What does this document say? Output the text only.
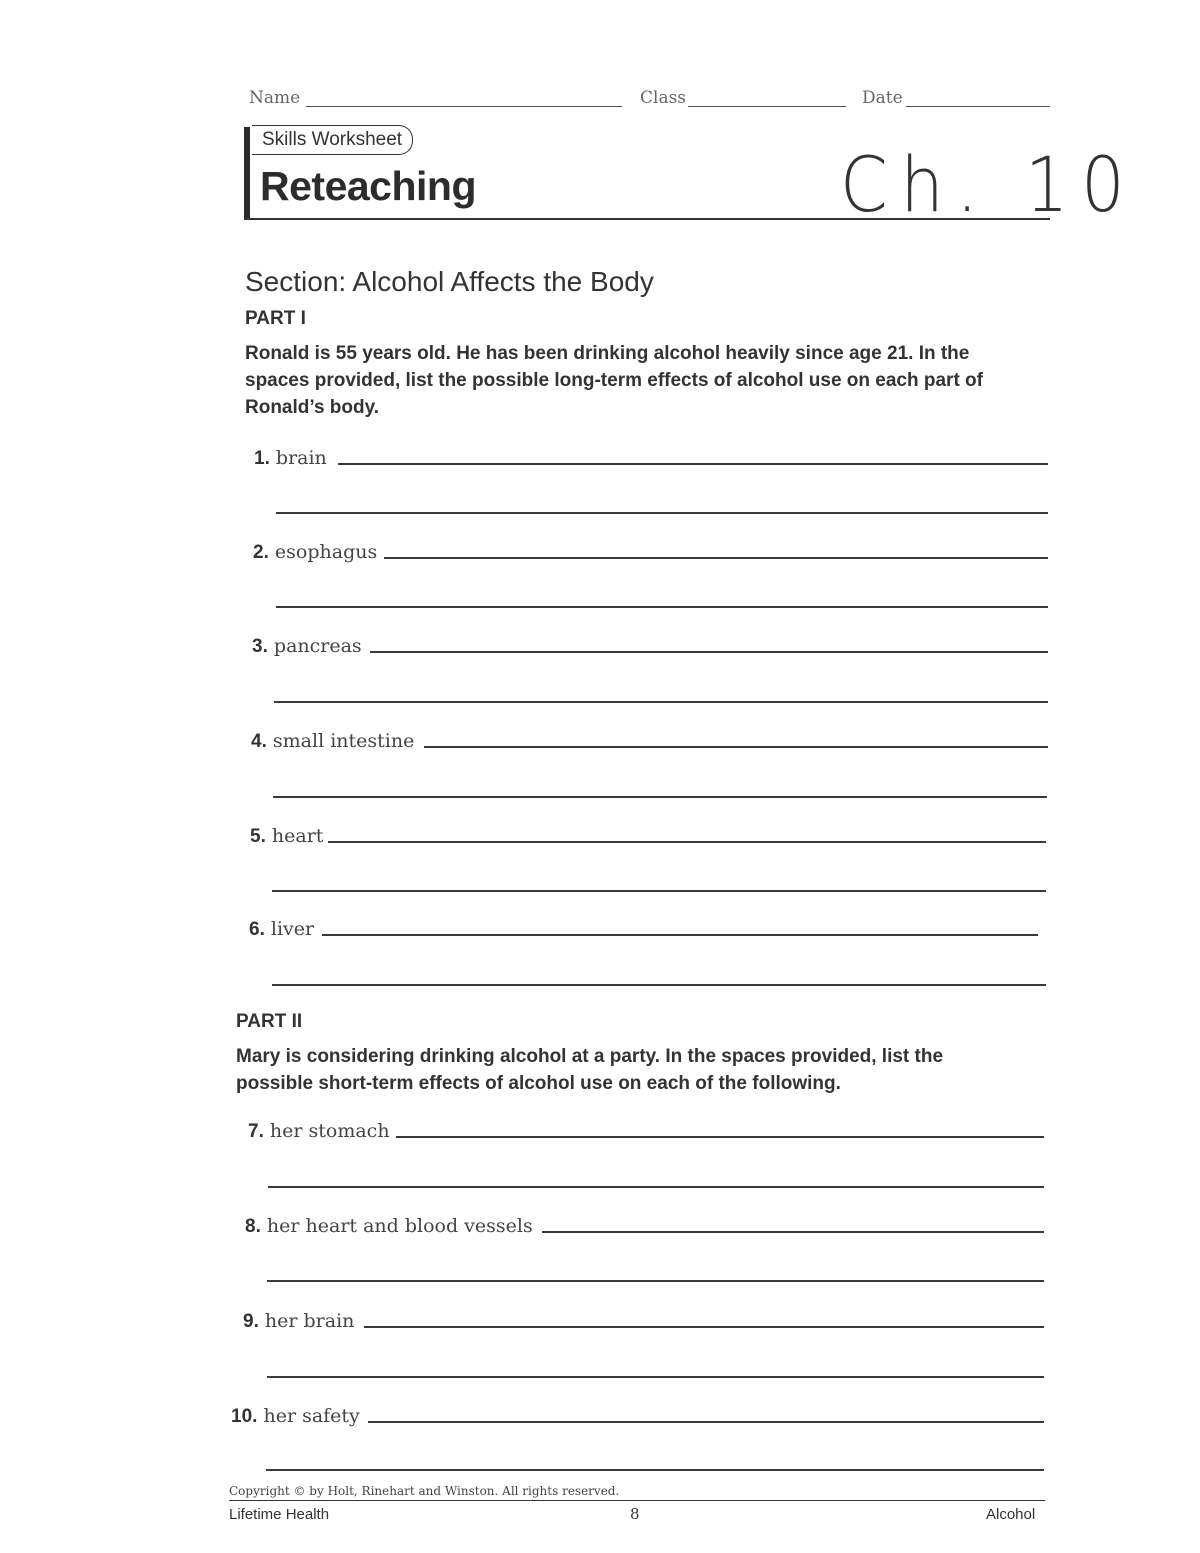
Name	Class	Date
Skills Worksheet
Reteaching	Ch. 10
Section: Alcohol Affects the Body
PART I
Ronald is 55 years old. He has been drinking alcohol heavily since age 21. In the
spaces provided, list the possible long-term effects of alcohol use on each part of
Ronald’s body.
1. brain
2. esophagus
3. pancreas
4. small intestine
5. heart
6. liver
PART II
Mary is considering drinking alcohol at a party. In the spaces provided, list the
possible short-term effects of alcohol use on each of the following.
7. her stomach
8. her heart and blood vessels
9. her brain
10. her safety
Copyright © by Holt, Rinehart and Winston. All rights reserved.
Lifetime Health	8	Alcohol
